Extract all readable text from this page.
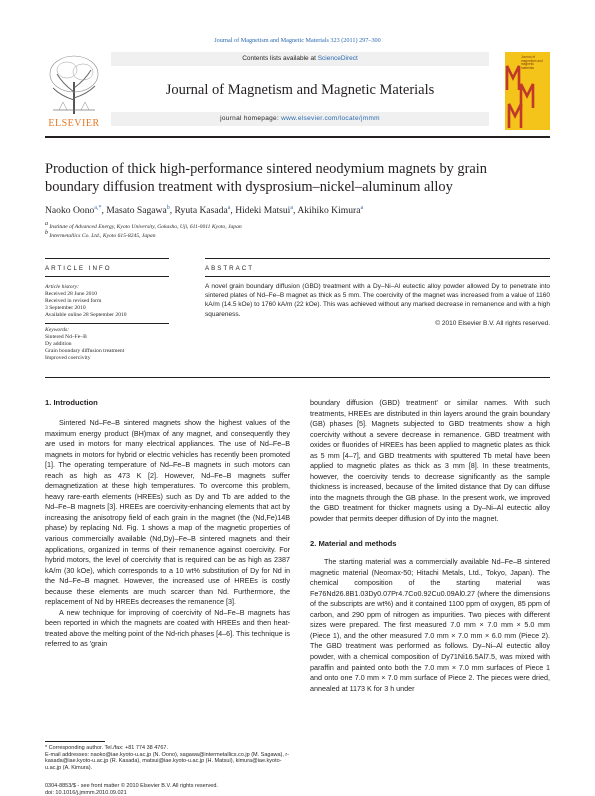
Journal of Magnetism and Magnetic Materials 323 (2011) 297–300
ELSEVIER
Contents lists available at ScienceDirect
Journal of Magnetism and Magnetic Materials
journal homepage: www.elsevier.com/locate/jmmm
Journal of magnetism and magnetic materials
Production of thick high-performance sintered neodymium magnets by grain
boundary diffusion treatment with dysprosium–nickel–aluminum alloy
Naoko Oono$^{a,*}$, Masato Sagawa$^b$, Ryuta Kasada$^a$, Hideki Matsui$^a$, Akihiko Kimura$^a$
a Institute of Advanced Energy, Kyoto University, Gokasho, Uji, 611-0011 Kyoto, Japan
b Intermetallics Co. Ltd., Kyoto 615-8245, Japan
ARTICLE INFO	ABSTRACT
Article history:
Received 28 June 2010
Received in revised form
3 September 2010
Available online 28 September 2010
Keywords:
Sintered Nd–Fe–B
Dy addition
Grain boundary diffusion treatment
Improved coercivity
A novel grain boundary diffusion (GBD) treatment with a Dy–Ni–Al eutectic alloy powder allowed Dy to penetrate into sintered plates of Nd–Fe–B magnet as thick as 5 mm. The coercivity of the magnet was increased from a value of 1160 kA/m (14.5 kOe) to 1760 kA/m (22 kOe). This was achieved without any marked decrease in remanence and with a high squareness.
© 2010 Elsevier B.V. All rights reserved.
1. Introduction

Sintered Nd–Fe–B sintered magnets show the highest values of the maximum energy product (BH)max of any magnet, and consequently they are used in motors for many electrical appliances. The use of Nd–Fe–B magnets in motors for hybrid or electric vehicles has recently been promoted [1]. The operating temperature of Nd–Fe–B magnets in such motors can reach as high as 473 K [2]. However, Nd–Fe–B magnets suffer demagnetization at these high temperatures. To overcome this problem, heavy rare-earth elements (HREEs) such as Dy and Tb are added to the Nd–Fe–B magnets [3]. HREEs are coercivity-enhancing elements that act by increasing the anisotropy field of each grain in the magnet (the (Nd,Fe)14B phase) by replacing Nd. Fig. 1 shows a map of the magnetic properties of various commercially available (Nd,Dy)–Fe–B sintered magnets and their applications, organized in terms of their remanence against coercivity. For hybrid motors, the level of coercivity that is required can be as high as 2387 kA/m (30 kOe), which corresponds to a 10 wt% substitution of Dy for Nd in the Nd–Fe–B magnet. However, the increased use of HREEs is costly because these elements are much scarcer than Nd. Furthermore, the replacement of Nd by HREEs decreases the remanence [3].

A new technique for improving of coercivity of Nd–Fe–B magnets has been reported in which the magnets are coated with HREEs and then heat-treated above the melting point of the Nd-rich phases [4–6]. This technique is referred to as 'grain

* Corresponding author. Tel./fax: +81 774 38 4767.
E-mail addresses: naoko@iae.kyoto-u.ac.jp (N. Oono), sagawa@intermetallics.co.jp (M. Sagawa), r-kasada@iae.kyoto-u.ac.jp (R. Kasada), matsui@iae.kyoto-u.ac.jp (H. Matsui), kimura@iae.kyoto-u.ac.jp (A. Kimura).
0304-8853/$ - see front matter © 2010 Elsevier B.V. All rights reserved.
doi: 10.1016/j.jmmm.2010.09.021

boundary diffusion (GBD) treatment' or similar names. With such treatments, HREEs are distributed in thin layers around the grain boundary (GB) phases [5]. Magnets subjected to GBD treatments show a high coercivity without a severe decrease in remanence. GBD treatment with oxides or fluorides of HREEs has been applied to magnetic plates as thick as 5 mm [4–7], and GBD treatments with sputtered Tb metal have been applied to magnetic plates as thick as 3 mm [8]. In these treatments, however, the coercivity tends to decrease significantly as the sample thickness is increased, because of the limited distance that Dy can diffuse into the magnets through the GB phase. In the present work, we improved the GBD treatment for thicker magnets using a Dy–Ni–Al eutectic alloy powder that permits deeper diffusion of Dy into the magnet.

2. Material and methods

The starting material was a commercially available Nd–Fe–B sintered magnetic material (Neomax-50; Hitachi Metals, Ltd., Tokyo, Japan). The chemical composition of the starting material was Fe76Nd26.8B1.03Dy0.07Pr4.7Co0.92Cu0.09Al0.27 (where the dimensions of the subscripts are wt%) and it contained 1100 ppm of oxygen, 85 ppm of carbon, and 290 ppm of nitrogen as impurities. Two pieces with different sizes were prepared. The first measured 7.0 mm × 7.0 mm × 5.0 mm (Piece 1), and the other measured 7.0 mm × 7.0 mm × 6.0 mm (Piece 2). The GBD treatment was performed as follows. Dy–Ni–Al eutectic alloy powder, with a chemical composition of Dy71Ni16.5Al7.5, was mixed with paraffin and painted onto both the 7.0 mm × 7.0 mm surfaces of Piece 1 and onto one 7.0 mm × 7.0 mm surface of Piece 2. The pieces were dried, annealed at 1173 K for 3 h under
